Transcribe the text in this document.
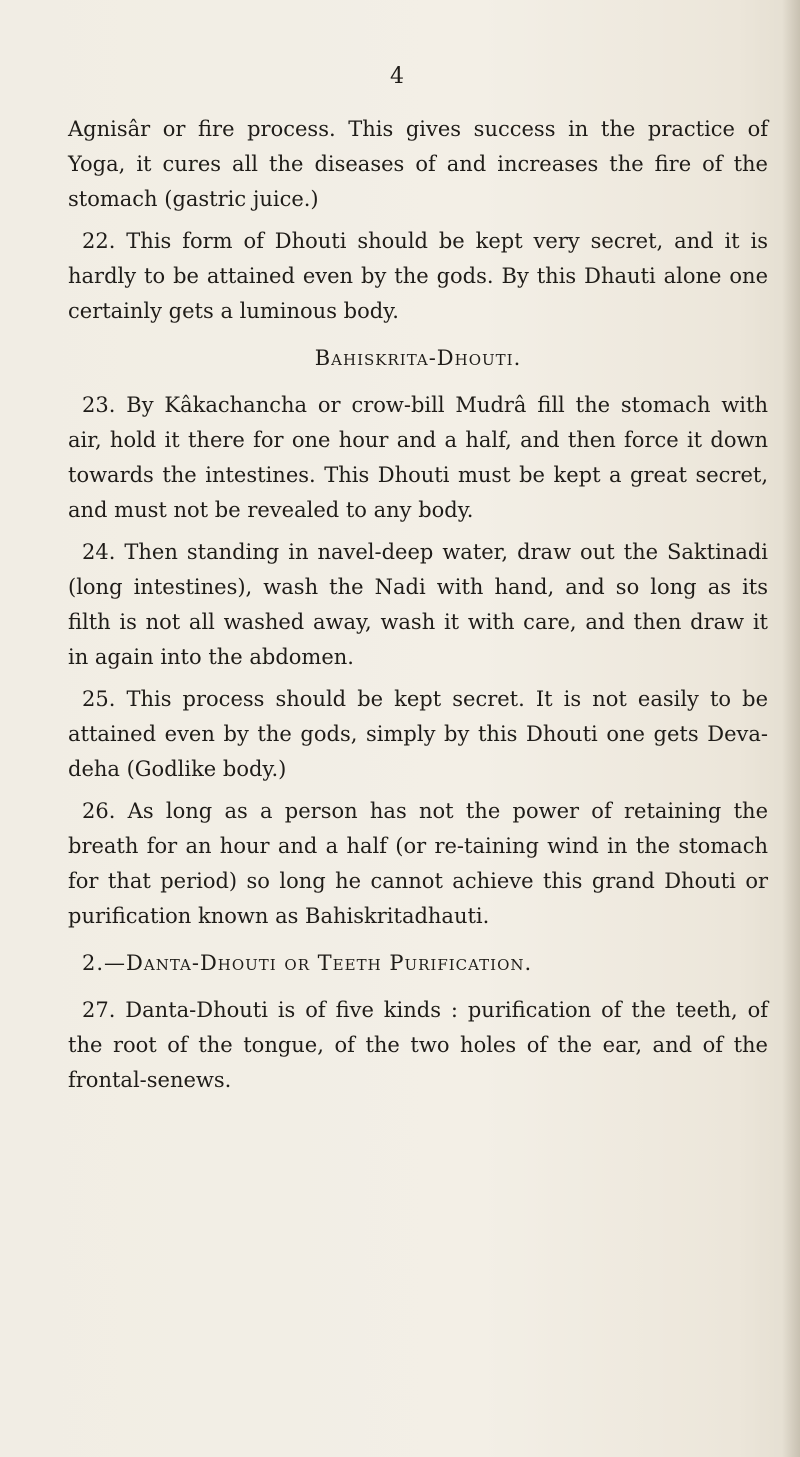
4

Agnisâr or fire process. This gives success in the practice of Yoga, it cures all the diseases of and increases the fire of the stomach (gastric juice.)

22. This form of Dhouti should be kept very secret, and it is hardly to be attained even by the gods. By this Dhauti alone one certainly gets a luminous body.

Bahiskrita-Dhouti.

23. By Kâkachancha or crow-bill Mudrâ fill the stomach with air, hold it there for one hour and a half, and then force it down towards the intestines. This Dhouti must be kept a great secret, and must not be revealed to any body.

24. Then standing in navel-deep water, draw out the Saktinadi (long intestines), wash the Nadi with hand, and so long as its filth is not all washed away, wash it with care, and then draw it in again into the abdomen.

25. This process should be kept secret. It is not easily to be attained even by the gods, simply by this Dhouti one gets Deva-deha (Godlike body.)

26. As long as a person has not the power of retaining the breath for an hour and a half (or re-taining wind in the stomach for that period) so long he cannot achieve this grand Dhouti or purification known as Bahiskritadhauti.

2.—Danta-Dhouti or Teeth Purification.

27. Danta-Dhouti is of five kinds : purification of the teeth, of the root of the tongue, of the two holes of the ear, and of the frontal-senews.
